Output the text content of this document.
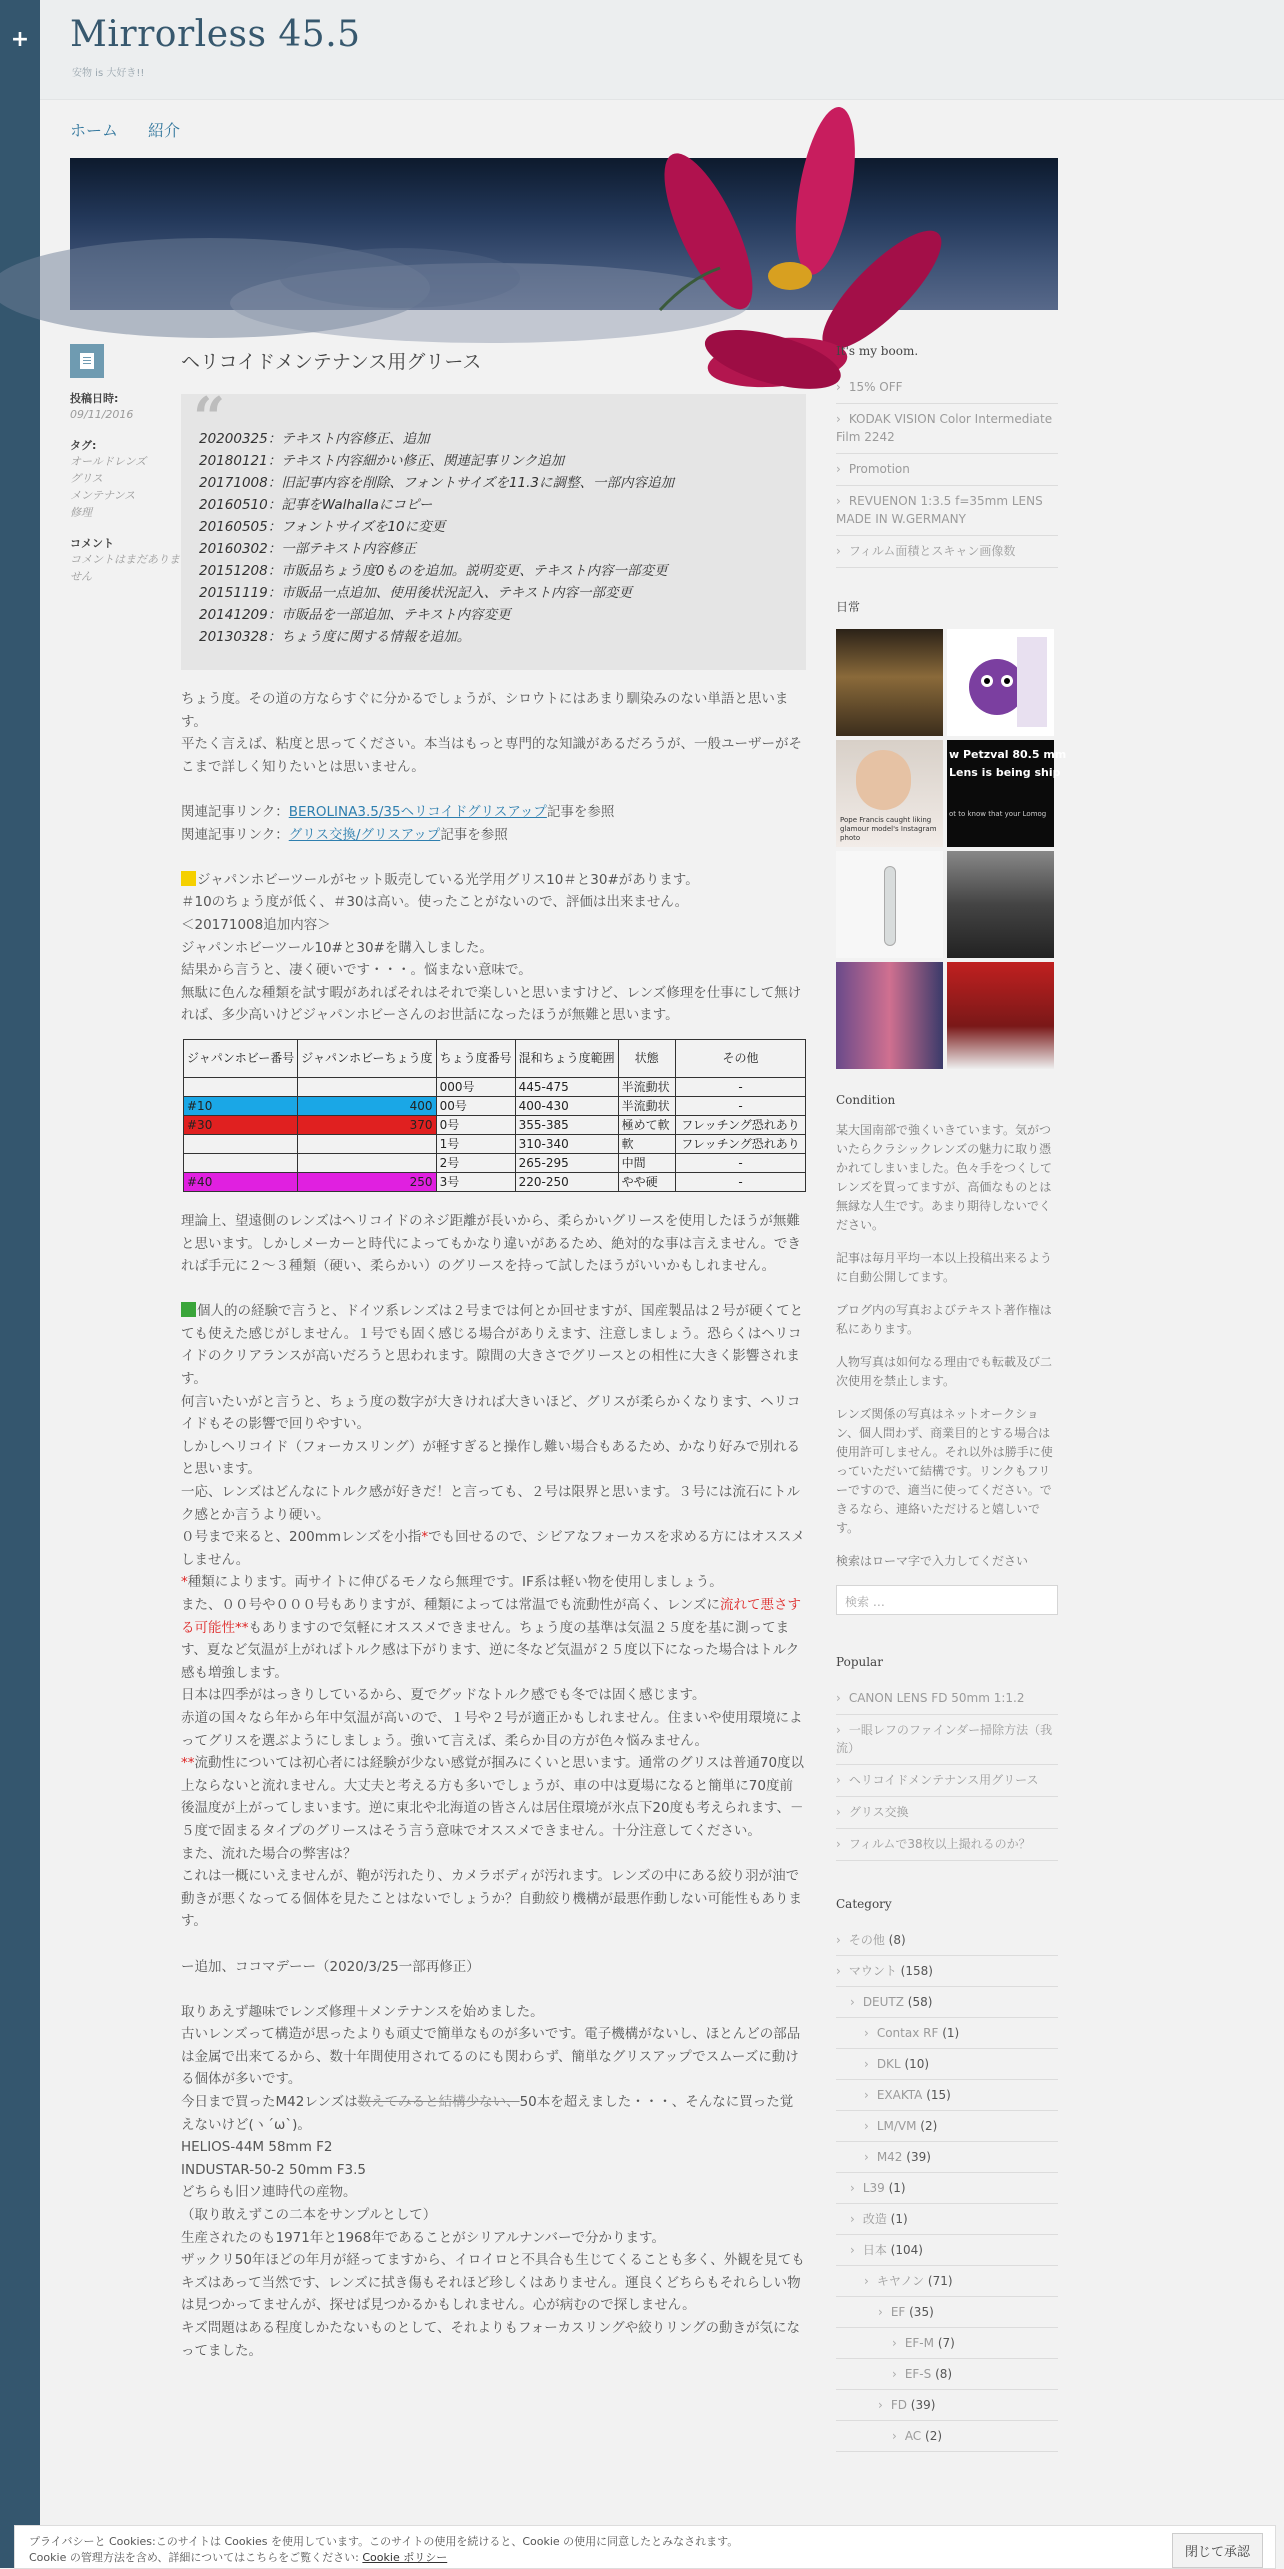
+ Mirrorless 45.5
安物 is 大好き!!
ホーム 紹介
投稿日時:
09/11/2016
タグ:
オールドレンズ
グリス
メンテナンス
修理
コメント
コメントはまだありません
ヘリコイドメンテナンス用グリース
“

20200325：テキスト内容修正、追加

20180121：テキスト内容細かい修正、関連記事リンク追加

20171008：旧記事内容を削除、フォントサイズを11.3に調整、一部内容追加

20160510：記事をWalhallaにコピー

20160505：フォントサイズを10に変更

20160302：一部テキスト内容修正

20151208：市販品ちょう度0ものを追加。説明変更、テキスト内容一部変更

20151119：市販品一点追加、使用後状況記入、テキスト内容一部変更

20141209：市販品を一部追加、テキスト内容変更

20130328：ちょう度に関する情報を追加。

ちょう度。その道の方ならすぐに分かるでしょうが、シロウトにはあまり馴染みのない単語と思います。
平たく言えば、粘度と思ってください。本当はもっと専門的な知識があるだろうが、一般ユーザーがそこまで詳しく知りたいとは思いません。
関連記事リンク：BEROLINA3.5/35ヘリコイドグリスアップ記事を参照
関連記事リンク：グリス交換/グリスアップ記事を参照
ジャパンホビーツールがセット販売している光学用グリス10＃と30#があります。
＃10のちょう度が低く、＃30は高い。使ったことがないので、評価は出来ません。
＜20171008追加内容＞
ジャパンホビーツール10#と30#を購入しました。
結果から言うと、凄く硬いです・・・。悩まない意味で。
無駄に色んな種類を試す暇があればそれはそれで楽しいと思いますけど、レンズ修理を仕事にして無ければ、多少高いけどジャパンホビーさんのお世話になったほうが無難と思います。
ジャパンホビー番号	ジャパンホビーちょう度	ちょう度番号	混和ちょう度範囲	状態	その他
		000号	445-475	半流動状	-
#10	400	00号	400-430	半流動状	-
#30	370	0号	355-385	極めて軟	フレッチング恐れあり
		1号	310-340	軟	フレッチング恐れあり
		2号	265-295	中間	-
#40	250	3号	220-250	やや硬	-
理論上、望遠側のレンズはヘリコイドのネジ距離が長いから、柔らかいグリースを使用したほうが無難と思います。しかしメーカーと時代によってもかなり違いがあるため、絶対的な事は言えません。できれば手元に２～３種類（硬い、柔らかい）のグリースを持って試したほうがいいかもしれません。
個人的の経験で言うと、ドイツ系レンズは２号までは何とか回せますが、国産製品は２号が硬くてとても使えた感じがしません。１号でも固く感じる場合がありえます、注意しましょう。恐らくはヘリコイドのクリアランスが高いだろうと思われます。隙間の大きさでグリースとの相性に大きく影響されます。
何言いたいがと言うと、ちょう度の数字が大きければ大きいほど、グリスが柔らかくなります、ヘリコイドもその影響で回りやすい。
しかしヘリコイド（フォーカスリング）が軽すぎると操作し難い場合もあるため、かなり好みで別れると思います。
一応、レンズはどんなにトルク感が好きだ！と言っても、２号は限界と思います。３号には流石にトルク感とか言うより硬い。
０号まで来ると、200mmレンズを小指*でも回せるので、シビアなフォーカスを求める方にはオススメしません。
*種類によります。両サイトに伸びるモノなら無理です。IF系は軽い物を使用しましょう。
また、００号や０００号もありますが、種類によっては常温でも流動性が高く、レンズに流れて悪さする可能性**もありますので気軽にオススメできません。ちょう度の基準は気温２５度を基に測ってます、夏など気温が上がればトルク感は下がります、逆に冬など気温が２５度以下になった場合はトルク感も増強します。
日本は四季がはっきりしているから、夏でグッドなトルク感でも冬では固く感じます。
赤道の国々なら年から年中気温が高いので、１号や２号が適正かもしれません。住まいや使用環境によってグリスを選ぶようにしましょう。強いて言えば、柔らか目の方が色々悩みません。
**流動性については初心者には経験が少ない感覚が掴みにくいと思います。通常のグリスは普通70度以上ならないと流れません。大丈夫と考える方も多いでしょうが、車の中は夏場になると簡単に70度前後温度が上がってしまいます。逆に東北や北海道の皆さんは居住環境が氷点下20度も考えられます、－５度で固まるタイプのグリースはそう言う意味でオススメできません。十分注意してください。
また、流れた場合の弊害は？
これは一概にいえませんが、鞄が汚れたり、カメラボディが汚れます。レンズの中にある絞り羽が油で動きが悪くなってる個体を見たことはないでしょうか？自動絞り機構が最悪作動しない可能性もあります。
ー追加、ココマデーー（2020/3/25一部再修正）
取りあえず趣味でレンズ修理＋メンテナンスを始めました。
古いレンズって構造が思ったよりも頑丈で簡単なものが多いです。電子機構がないし、ほとんどの部品は金属で出来てるから、数十年間使用されてるのにも関わらず、簡単なグリスアップでスムーズに動ける個体が多いです。
今日まで買ったM42レンズは数えてみると結構少ない、50本を超えました・・・、そんなに買った覚えないけど(ヽ´ω`)。
HELIOS-44M 58mm F2
INDUSTAR-50-2 50mm F3.5
どちらも旧ソ連時代の産物。
（取り敢えずこの二本をサンプルとして）
生産されたのも1971年と1968年であることがシリアルナンバーで分かります。
ザックリ50年ほどの年月が経ってますから、イロイロと不具合も生じてくることも多く、外観を見てもキズはあって当然です、レンズに拭き傷もそれほど珍しくはありません。運良くどちらもそれらしい物は見つかってませんが、探せば見つかるかもしれません。心が病むので探しません。
キズ問題はある程度しかたないものとして、それよりもフォーカスリングや絞りリングの動きが気になってました。
It's my boom.
› 15% OFF
› KODAK VISION Color Intermediate Film 2242
› Promotion
› REVUENON 1:3.5 f=35mm LENS MADE IN W.GERMANY
› フィルム面積とスキャン画像数
日常
Pope Francis caught liking glamour model's Instagram photo
w Petzval 80.5 mm
Lens is being ship
ot to know that your Lomog
Condition
某大国南部で強くいきています。気がついたらクラシックレンズの魅力に取り憑かれてしまいました。色々手をつくしてレンズを買ってますが、高価なものとは無縁な人生です。あまり期待しないでください。
記事は毎月平均一本以上投稿出来るように自動公開してます。
ブログ内の写真およびテキスト著作権は私にあります。
人物写真は如何なる理由でも転載及び二次使用を禁止します。
レンズ関係の写真はネットオークション、個人問わず、商業目的とする場合は使用許可しません。それ以外は勝手に使っていただいて結構です。リンクもフリーですので、適当に使ってください。できるなら、連絡いただけると嬉しいです。
検索はローマ字で入力してください
検索 …
Popular
› CANON LENS FD 50mm 1:1.2
› 一眼レフのファインダー掃除方法（我流）
› ヘリコイドメンテナンス用グリース
› グリス交換
› フィルムで38枚以上撮れるのか？
Category
› その他 (8)
› マウント (158)
› DEUTZ (58)
› Contax RF (1)
› DKL (10)
› EXAKTA (15)
› LM/VM (2)
› M42 (39)
› L39 (1)
› 改造 (1)
› 日本 (104)
› キヤノン (71)
› EF (35)
› EF-M (7)
› EF-S (8)
› FD (39)
› AC (2)
プライバシーと Cookies:このサイトは Cookies を使用しています。このサイトの使用を続けると、Cookie の使用に同意したとみなされます。
Cookie の管理方法を含め、詳細についてはこちらをご覧ください: Cookie ポリシー	閉じて承認
